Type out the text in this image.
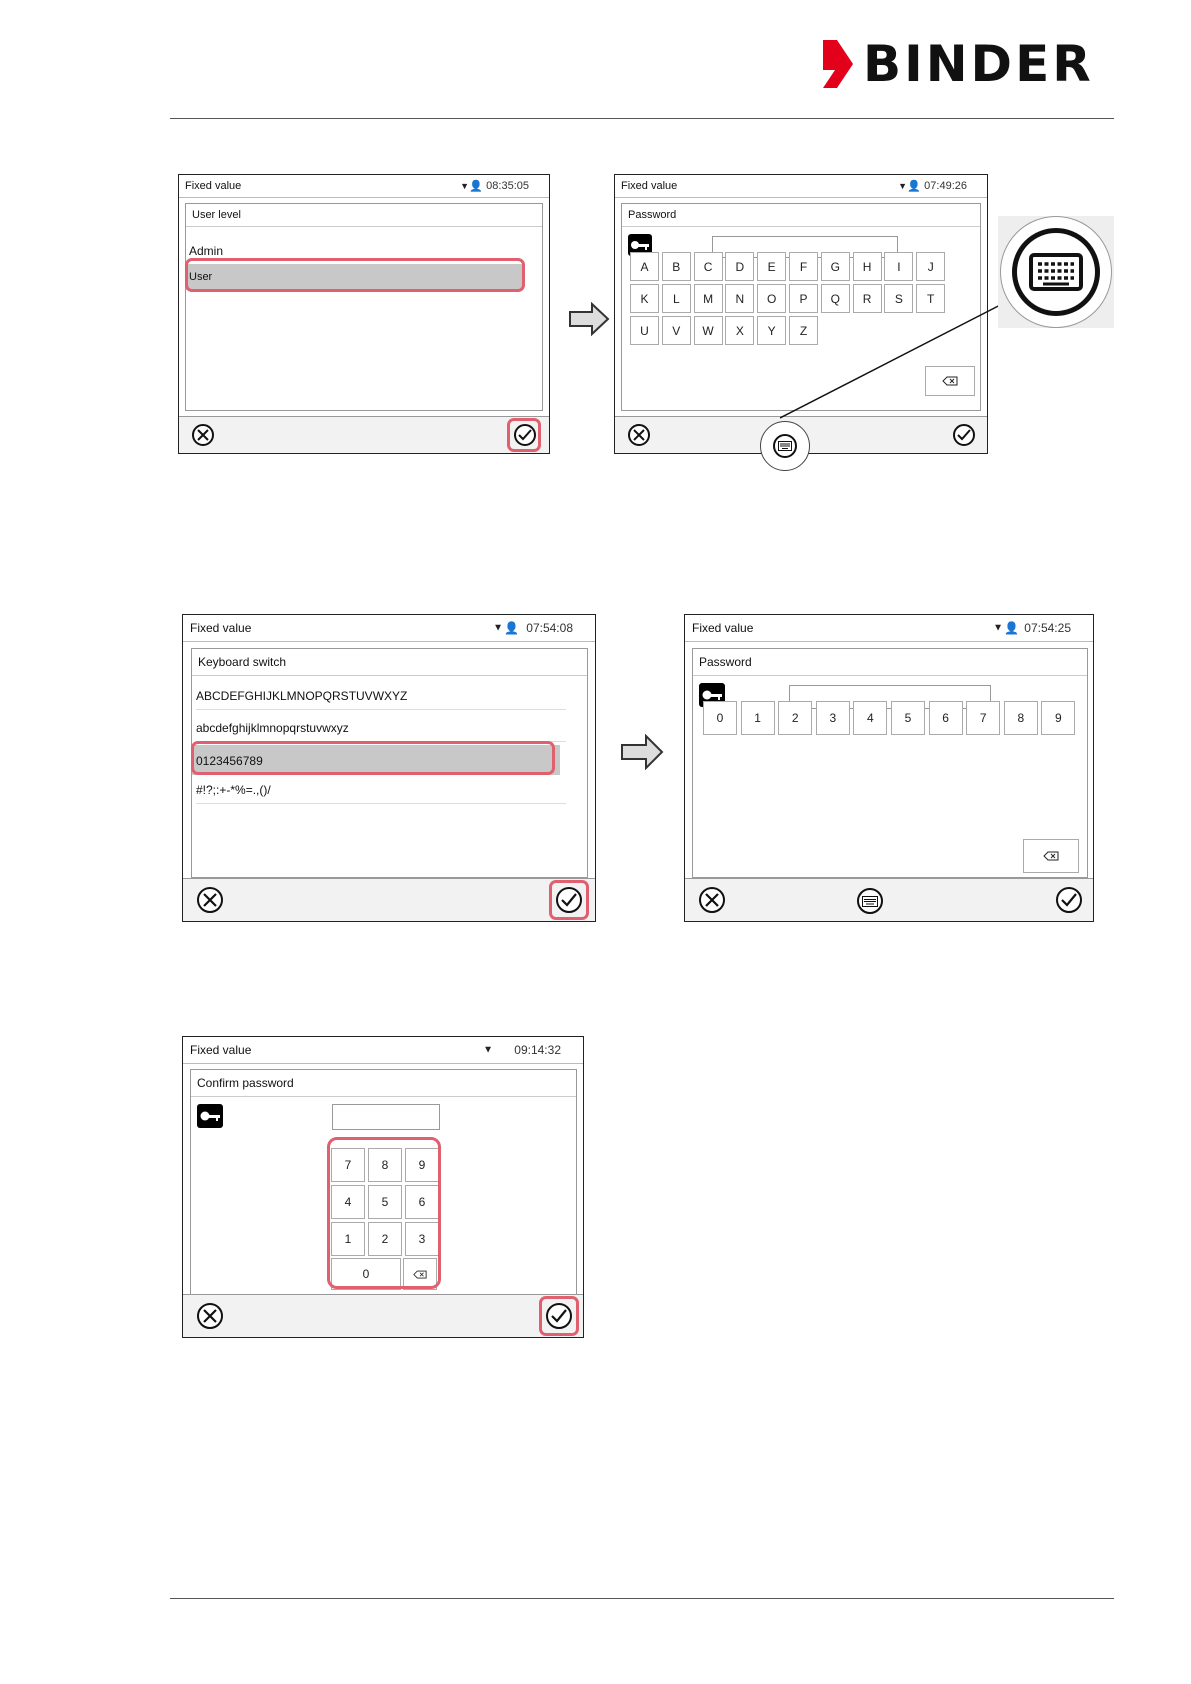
BINDER
Fixed value	▼ 👤 08:35:05
User level
Admin
User
Fixed value	▼ 👤 07:49:26
Password
A	B	C	D	E	F	G	H	I	J
K	L	M	N	O	P	Q	R	S	T
U	V	W	X	Y	Z
Fixed value	▼ 👤 07:54:08
Keyboard switch
ABCDEFGHIJKLMNOPQRSTUVWXYZ
abcdefghijklmnopqrstuvwxyz
0123456789
#!?;:+-*%=.,()/
Fixed value	▼ 👤 07:54:25
Password
0	1	2	3	4	5	6	7	8	9
Fixed value	▼ 09:14:32
Confirm password
7	8	9
4	5	6
1	2	3
0
